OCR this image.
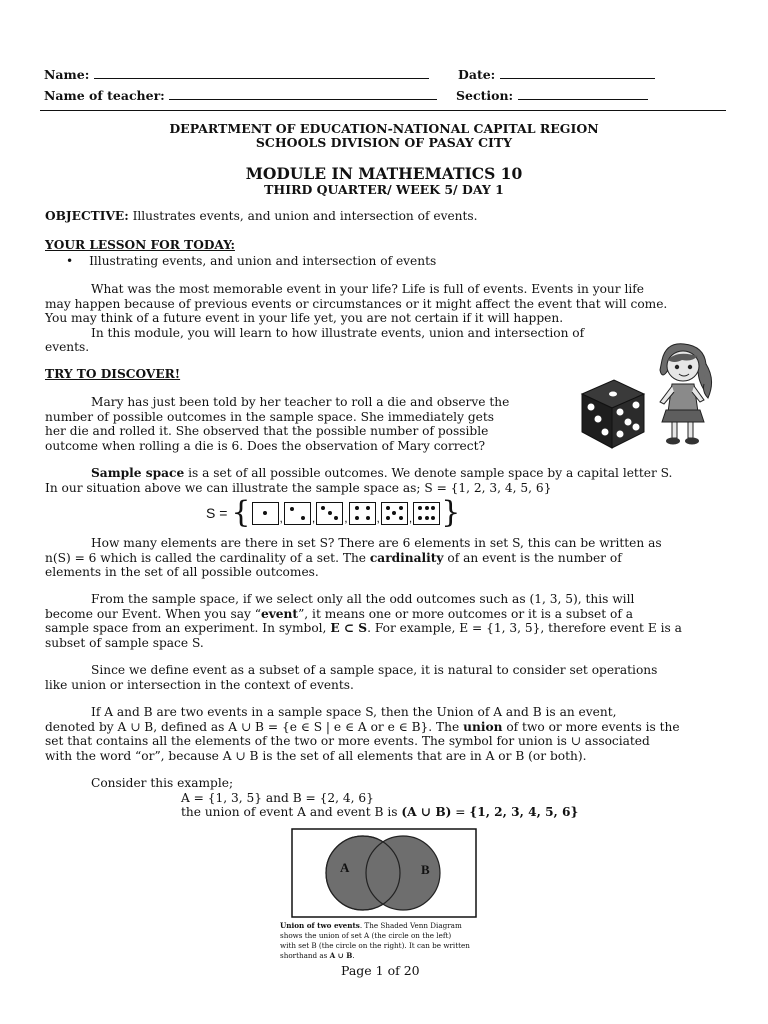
Name:	Date:
Name of teacher:	Section:
DEPARTMENT OF EDUCATION-NATIONAL CAPITAL REGION
SCHOOLS DIVISION OF PASAY CITY
MODULE IN MATHEMATICS 10
THIRD QUARTER/ WEEK 5/ DAY 1
OBJECTIVE: Illustrates events, and union and intersection of events.
YOUR LESSON FOR TODAY:
• Illustrating events, and union and intersection of events

What was the most memorable event in your life? Life is full of events. Events in your life

may happen because of previous events or circumstances or it might affect the event that will come.

You may think of a future event in your life yet, you are not certain if it will happen.

In this module, you will learn to how illustrate events, union and intersection of

events.

TRY TO DISCOVER!

Mary has just been told by her teacher to roll a die and observe the

number of possible outcomes in the sample space. She immediately gets

her die and rolled it. She observed that the possible number of possible

outcome when rolling a die is 6. Does the observation of Mary correct?

Sample space is a set of all possible outcomes. We denote sample space by a capital letter S.

In our situation above we can illustrate the sample space as; S = {1, 2, 3, 4, 5, 6}

S = { , , , , , }

How many elements are there in set S? There are 6 elements in set S, this can be written as

n(S) = 6 which is called the cardinality of a set. The cardinality of an event is the number of

elements in the set of all possible outcomes.

From the sample space, if we select only all the odd outcomes such as (1, 3, 5), this will

become our Event. When you say “event”, it means one or more outcomes or it is a subset of a

sample space from an experiment. In symbol, E ⊂ S. For example, E = {1, 3, 5}, therefore event E is a

subset of sample space S.

Since we define event as a subset of a sample space, it is natural to consider set operations

like union or intersection in the context of events.

If A and B are two events in a sample space S, then the Union of A and B is an event,

denoted by A ∪ B, defined as A ∪ B = {e ∈ S | e ∈ A or e ∈ B}. The union of two or more events is the

set that contains all the elements of the two or more events. The symbol for union is ∪ associated

with the word “or”, because A ∪ B is the set of all elements that are in A or B (or both).

Consider this example;
A = {1, 3, 5} and B = {2, 4, 6}
the union of event A and event B is (A ∪ B) = {1, 2, 3, 4, 5, 6}
A	B

Union of two events. The Shaded Venn Diagram

shows the union of set A (the circle on the left)

with set B (the circle on the right). It can be written

shorthand as A ∪ B.

Page 1 of 20
